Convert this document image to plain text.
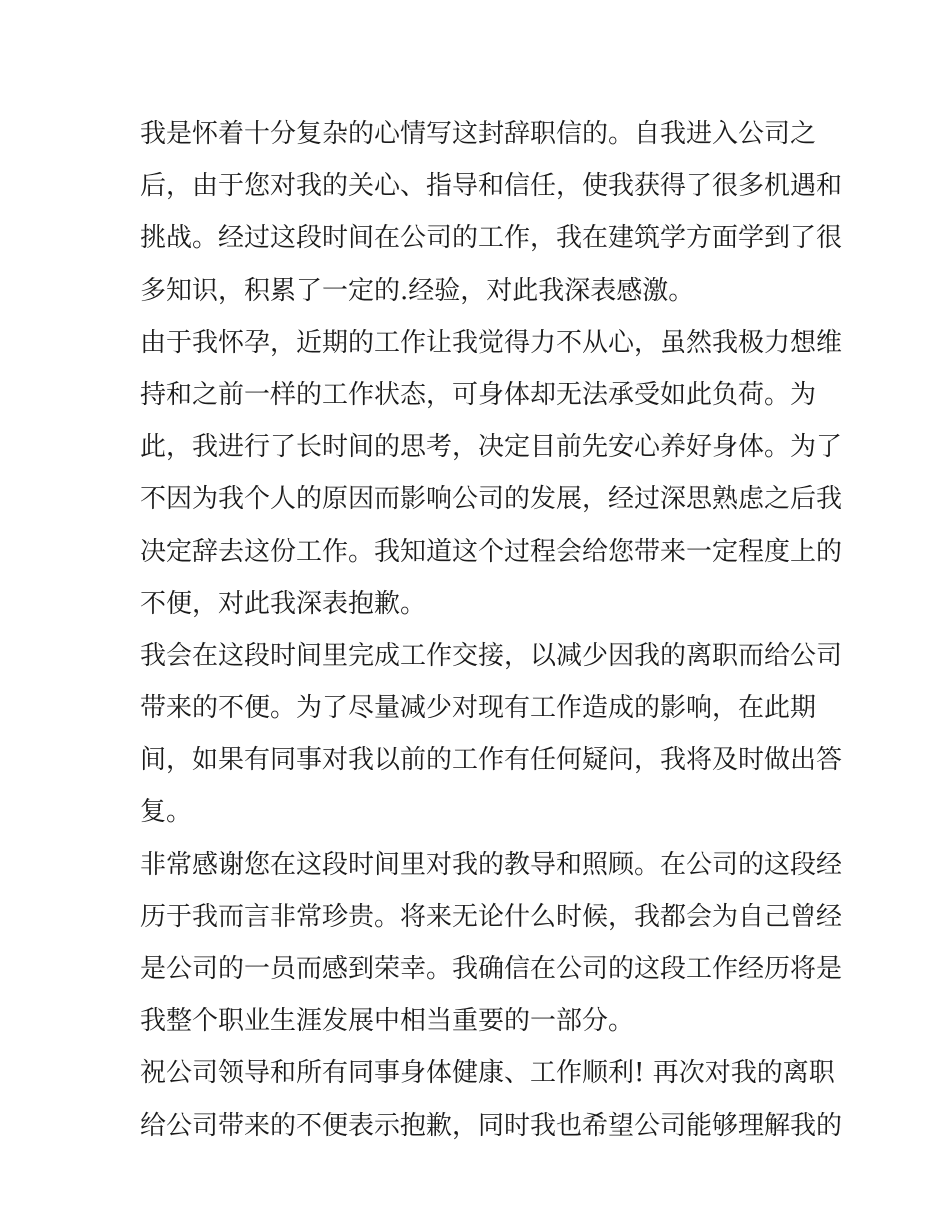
我是怀着十分复杂的心情写这封辞职信的。自我进入公司之
后，由于您对我的关心、指导和信任，使我获得了很多机遇和
挑战。经过这段时间在公司的工作，我在建筑学方面学到了很
多知识，积累了一定的.经验，对此我深表感激。
由于我怀孕，近期的工作让我觉得力不从心，虽然我极力想维
持和之前一样的工作状态，可身体却无法承受如此负荷。为
此，我进行了长时间的思考，决定目前先安心养好身体。为了
不因为我个人的原因而影响公司的发展，经过深思熟虑之后我
决定辞去这份工作。我知道这个过程会给您带来一定程度上的
不便，对此我深表抱歉。
我会在这段时间里完成工作交接，以减少因我的离职而给公司
带来的不便。为了尽量减少对现有工作造成的影响，在此期
间，如果有同事对我以前的工作有任何疑问，我将及时做出答
复。
非常感谢您在这段时间里对我的教导和照顾。在公司的这段经
历于我而言非常珍贵。将来无论什么时候，我都会为自己曾经
是公司的一员而感到荣幸。我确信在公司的这段工作经历将是
我整个职业生涯发展中相当重要的一部分。
祝公司领导和所有同事身体健康、工作顺利! 再次对我的离职
给公司带来的不便表示抱歉，同时我也希望公司能够理解我的
